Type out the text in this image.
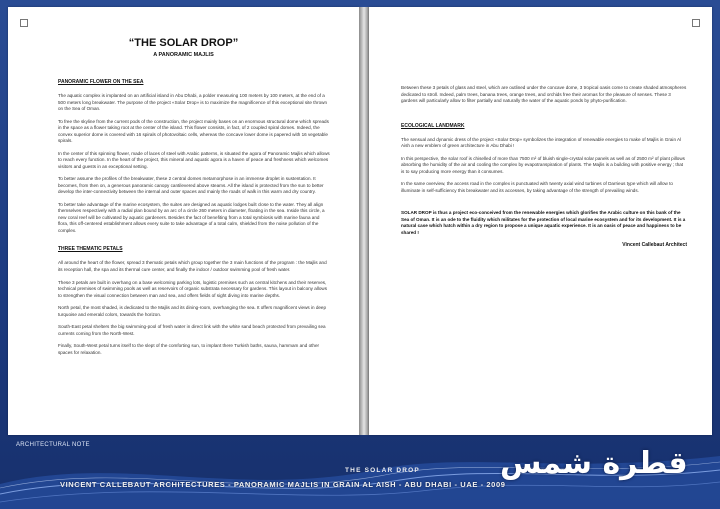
“THE SOLAR DROP”
A PANORAMIC MAJLIS
PANORAMIC FLOWER ON THE SEA

The aquatic complex is implanted on an artificial island in Abu Dhabi, a polder measuring 100 meters by 100 meters, at the end of a 500 meters long breakwater. The purpose of the project «Solar Drop» is to maximize the magnificence of this exceptional site thrown on the Sea of Oman.

To free the skyline from the current pods of the construction, the project mainly bases on an enormous structural dome which spreads in the space as a flower taking root at the center of the island. This flower consists, in fact, of 2 coupled spiral domes. Indeed, the convex superior dome is covered with 16 spirals of photovoltaic cells, whereas the concave lower dome is papered with 16 vegetable spirals.

In the center of this spinning flower, made of laces of steel with Arabic patterns, is situated the agora of Panoramic Majlis which allows to reach every function. In the heart of the project, this mineral and aquatic agora is a haven of peace and freshness which welcomes visitors and guests in an exceptional setting.

To better assume the profiles of the breakwater, these 2 central domes metamorphose in an immense droplet in sustentation. It becomes, from then on, a generous panoramic canopy cantilevered above steams. All the island is protected from the sun to better develop the inter-connectivity between the internal and outer spaces and mainly the roads of walk in this warm and dry country.

To better take advantage of the marine ecosystem, the suites are designed as aquatic lodges built close to the water. They all align themselves respectively with a radial plan bound by an arc of a circle 260 meters in diameter, floating in the sea. Inside this circle, a new coral reef will be cultivated by aquatic gardeners. Besides the fact of benefiting from a total symbiosis with marine fauna and flora, this off-centered establishment allows every suite to take advantage of a total calm, shielded from the noise pollution of the complex.

THREE THEMATIC PETALS

All around the heart of the flower, spread 3 thematic petals which group together the 3 main functions of the program : the Majlis and its reception hall, the spa and its thermal cure center, and finally the indoor / outdoor swimming pool of fresh water.

These 3 petals are built in overhang on a base welcoming parking lots, logistic premises such as central kitchens and their reserves, technical premises of swimming pools as well as reservoirs of organic substrata necessary for gardens. This layout in balcony allows to strengthen the visual connection between man and sea, and offers fields of sight diving into marine depths.

North petal, the most shaded, is dedicated to the Majlis and its dining-room, overhanging the sea. It offers magnificent views in deep turquoise and emerald colors, towards the horizon.

South-East petal shelters the big swimming-pool of fresh water in direct link with the white sand beach protected from prevailing sea currents coming from the North-West.

Finally, South-West petal turns itself to the slept of the comforting sun, to implant there Turkish baths, sauna, hammam and other spaces for relaxation.

Between these 3 petals of glass and steel, which are outlined under the concave dome, 3 tropical oasis come to create shaded atmospheres dedicated to stroll. Indeed, palm trees, banana trees, orange trees, and orchids free their aromas for the pleasure of senses. These 3 gardens will particularly allow to filter partially and naturally the water of the aquatic ponds by phyto-purification.

ECOLOGICAL LANDMARK

The sensual and dynamic dress of the project «Solar Drop» symbolizes the integration of renewable energies to make of Majlis in Grain Al Aish a new emblem of green architecture in Abu Dhabi !

In this perspective, the solar roof is chiselled of more than 7500 m² of bluish single-crystal solar panels as well as of 2500 m² of plant pillows absorbing the humidity of the air and cooling the complex by evapotranspiration of plants. The Majlis is a building with positive energy ; that is to say producing more energy than it consumes.

In the same overview, the access road in the complex is punctuated with twenty axial wind turbines of Darrieus type which will allow to illuminate in self-sufficiency this breakwater and its accesses, by taking advantage of the strength of prevailing winds.

SOLAR DROP is thus a project eco-conceived from the renewable energies which glorifies the Arabic culture on this bank of the Sea of Oman. It is an ode to the fluidity which militates for the protection of local marine ecosystem and for its development. It is a natural case which hatch within a dry region to propose a unique aquatic experience. It is an oasis of peace and happiness to be shared !

Vincent Callebaut Architect
ARCHITECTURAL NOTE
THE SOLAR DROP
VINCENT CALLEBAUT ARCHITECTURES - PANORAMIC MAJLIS IN GRAIN AL AISH - ABU DHABI - UAE - 2009
قطرة شمس
